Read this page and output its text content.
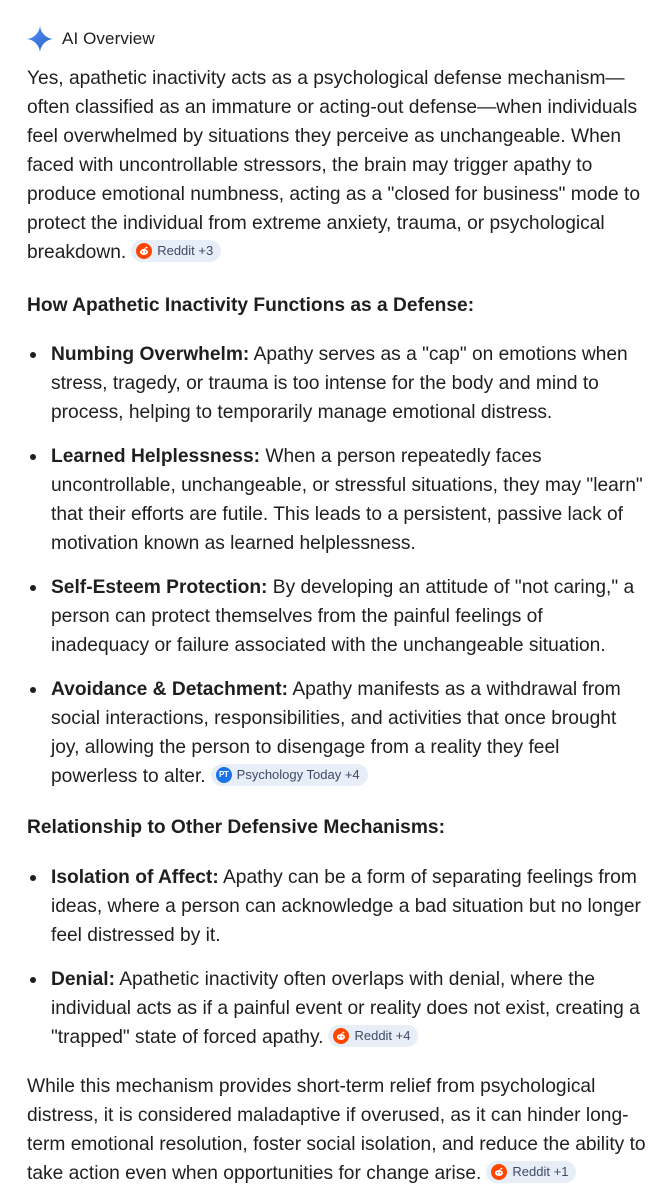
AI Overview

Yes, apathetic inactivity acts as a psychological defense mechanism—often classified as an immature or acting-out defense—when individuals feel overwhelmed by situations they perceive as unchangeable. When faced with uncontrollable stressors, the brain may trigger apathy to produce emotional numbness, acting as a "closed for business" mode to protect the individual from extreme anxiety, trauma, or psychological breakdown. Reddit +3

How Apathetic Inactivity Functions as a Defense:
Numbing Overwhelm: Apathy serves as a "cap" on emotions when stress, tragedy, or trauma is too intense for the body and mind to process, helping to temporarily manage emotional distress.
Learned Helplessness: When a person repeatedly faces uncontrollable, unchangeable, or stressful situations, they may "learn" that their efforts are futile. This leads to a persistent, passive lack of motivation known as learned helplessness.
Self-Esteem Protection: By developing an attitude of "not caring," a person can protect themselves from the painful feelings of inadequacy or failure associated with the unchangeable situation.
Avoidance & Detachment: Apathy manifests as a withdrawal from social interactions, responsibilities, and activities that once brought joy, allowing the person to disengage from a reality they feel powerless to alter.	PT Psychology Today +4
Relationship to Other Defensive Mechanisms:
Isolation of Affect: Apathy can be a form of separating feelings from ideas, where a person can acknowledge a bad situation but no longer feel distressed by it.
Denial: Apathetic inactivity often overlaps with denial, where the individual acts as if a painful event or reality does not exist, creating a "trapped" state of forced apathy. Reddit +4

While this mechanism provides short-term relief from psychological distress, it is considered maladaptive if overused, as it can hinder long-term emotional resolution, foster social isolation, and reduce the ability to take action even when opportunities for change arise. Reddit +1
